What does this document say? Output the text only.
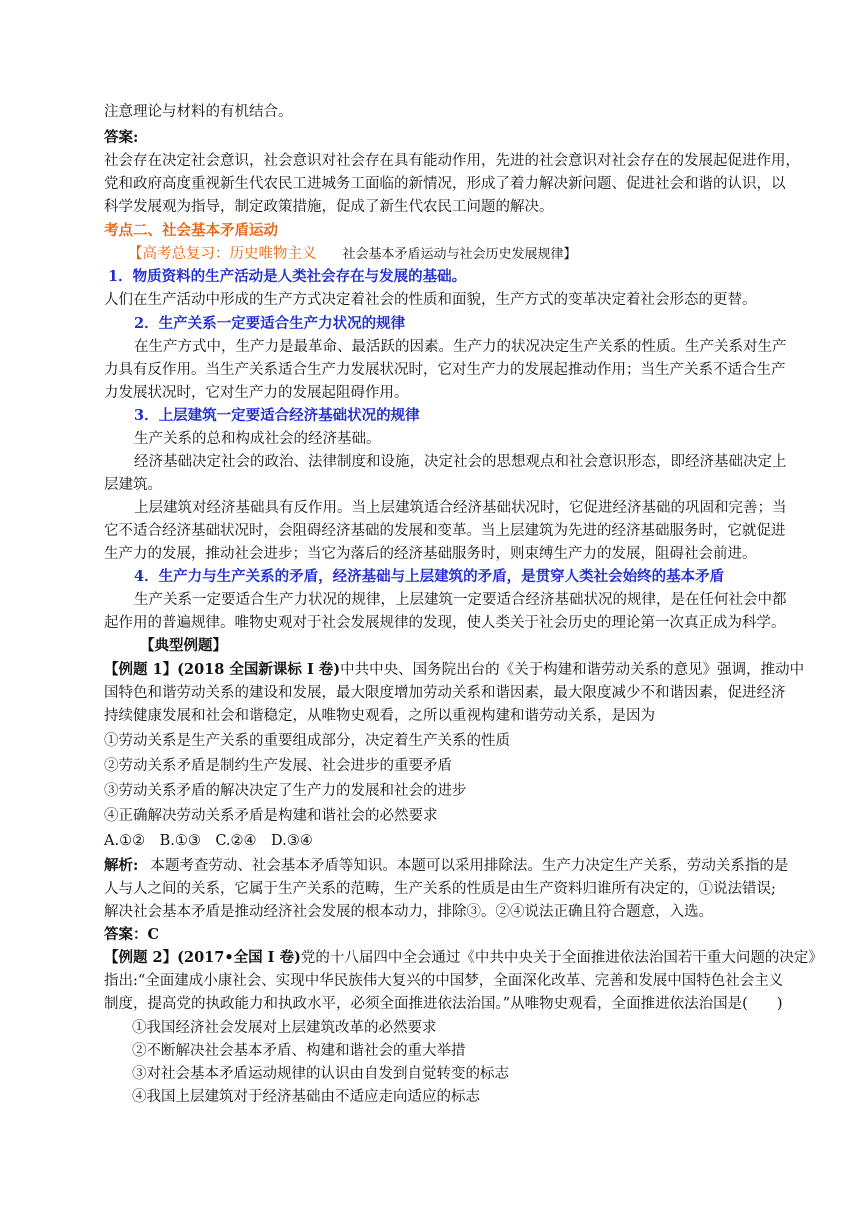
注意理论与材料的有机结合。
答案:
社会存在决定社会意识，社会意识对社会存在具有能动作用，先进的社会意识对社会存在的发展起促进作用，
党和政府高度重视新生代农民工进城务工面临的新情况，形成了着力解决新问题、促进社会和谐的认识，以
科学发展观为指导，制定政策措施，促成了新生代农民工问题的解决。
考点二、社会基本矛盾运动
【高考总复习：历史唯物主义 社会基本矛盾运动与社会历史发展规律】
1．物质资料的生产活动是人类社会存在与发展的基础。
人们在生产活动中形成的生产方式决定着社会的性质和面貌，生产方式的变革决定着社会形态的更替。
2．生产关系一定要适合生产力状况的规律
在生产方式中，生产力是最革命、最活跃的因素。生产力的状况决定生产关系的性质。生产关系对生产
力具有反作用。当生产关系适合生产力发展状况时，它对生产力的发展起推动作用；当生产关系不适合生产
力发展状况时，它对生产力的发展起阻碍作用。
3．上层建筑一定要适合经济基础状况的规律
生产关系的总和构成社会的经济基础。
经济基础决定社会的政治、法律制度和设施，决定社会的思想观点和社会意识形态，即经济基础决定上
层建筑。
上层建筑对经济基础具有反作用。当上层建筑适合经济基础状况时，它促进经济基础的巩固和完善；当
它不适合经济基础状况时，会阻碍经济基础的发展和变革。当上层建筑为先进的经济基础服务时，它就促进
生产力的发展，推动社会进步；当它为落后的经济基础服务时，则束缚生产力的发展，阻碍社会前进。
4．生产力与生产关系的矛盾，经济基础与上层建筑的矛盾，是贯穿人类社会始终的基本矛盾
生产关系一定要适合生产力状况的规律，上层建筑一定要适合经济基础状况的规律，是在任何社会中都
起作用的普遍规律。唯物史观对于社会发展规律的发现，使人类关于社会历史的理论第一次真正成为科学。
【典型例题】
【例题 1】(2018 全国新课标 I 卷)中共中央、国务院出台的《关于构建和谐劳动关系的意见》强调，推动中
国特色和谐劳动关系的建设和发展，最大限度增加劳动关系和谐因素，最大限度减少不和谐因素，促进经济
持续健康发展和社会和谐稳定，从唯物史观看，之所以重视构建和谐劳动关系，是因为
①劳动关系是生产关系的重要组成部分，决定着生产关系的性质
②劳动关系矛盾是制约生产发展、社会进步的重要矛盾
③劳动关系矛盾的解决决定了生产力的发展和社会的进步
④正确解决劳动关系矛盾是构建和谐社会的必然要求
A.①②　B.①③　C.②④　D.③④
解析: 本题考查劳动、社会基本矛盾等知识。本题可以采用排除法。生产力决定生产关系，劳动关系指的是
人与人之间的关系，它属于生产关系的范畴，生产关系的性质是由生产资料归谁所有决定的，①说法错误;
解决社会基本矛盾是推动经济社会发展的根本动力，排除③。②④说法正确且符合题意，入选。
答案：C
【例题 2】(2017•全国 I 卷)党的十八届四中全会通过《中共中央关于全面推进依法治国若干重大问题的决定》
指出:“全面建成小康社会、实现中华民族伟大复兴的中国梦，全面深化改革、完善和发展中国特色社会主义
制度，提高党的执政能力和执政水平，必须全面推进依法治国。”从唯物史观看，全面推进依法治国是(　　)
①我国经济社会发展对上层建筑改革的必然要求
②不断解决社会基本矛盾、构建和谐社会的重大举措
③对社会基本矛盾运动规律的认识由自发到自觉转变的标志
④我国上层建筑对于经济基础由不适应走向适应的标志
